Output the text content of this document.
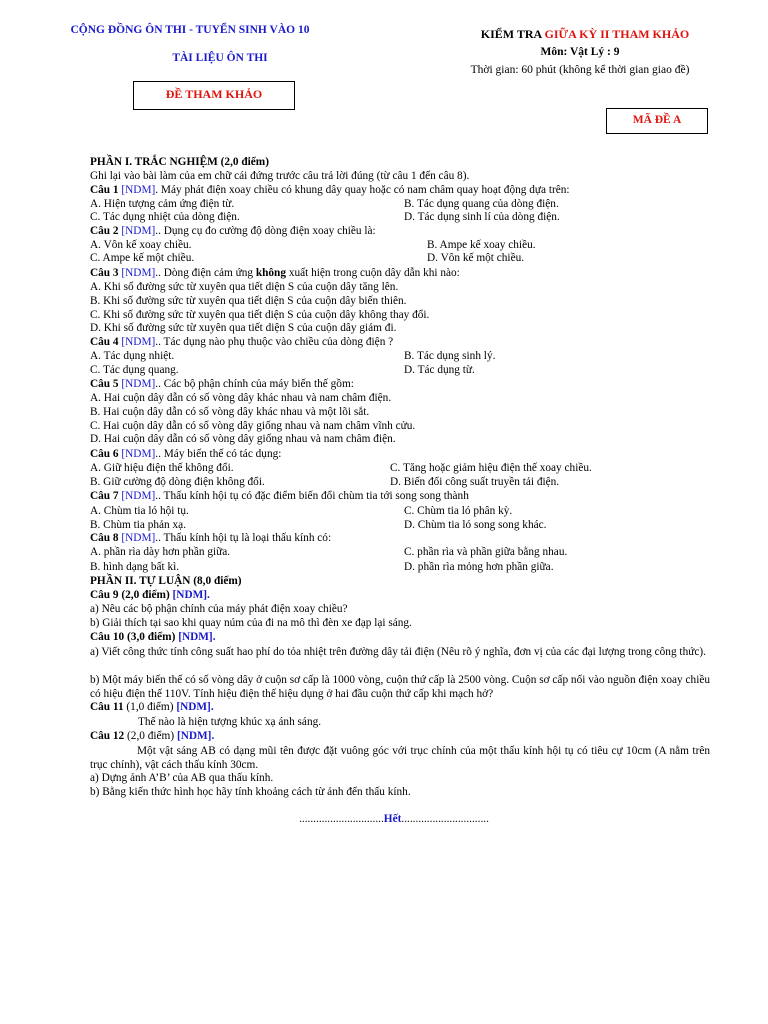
CỘNG ĐỒNG ÔN THI - TUYỂN SINH VÀO 10
TÀI LIỆU ÔN THI
ĐỀ THAM KHẢO
KIỂM TRA GIỮA KỲ II THAM KHẢO
Môn: Vật Lý : 9
Thời gian: 60 phút (không kể thời gian giao đề)
MÃ ĐỀ A
PHẦN I. TRẮC NGHIỆM (2,0 điểm)
Ghi lại vào bài làm của em chữ cái đứng trước câu trả lời đúng (từ câu 1 đến câu 8).
Câu 1 [NDM]. Máy phát điện xoay chiều có khung dây quay hoặc có nam châm quay hoạt động dựa trên:
A. Hiện tượng cảm ứng điện từ.	B. Tác dụng quang của dòng điện.
C. Tác dụng nhiệt của dòng điện.	D. Tác dụng sinh lí của dòng điện.
Câu 2 [NDM].. Dụng cụ đo cường độ dòng điện xoay chiều là:
A. Vôn kế xoay chiều.	B. Ampe kế xoay chiều.
C. Ampe kế một chiều.	D. Vôn kế một chiều.
Câu 3 [NDM].. Dòng điện cảm ứng không xuất hiện trong cuộn dây dẫn khi nào:
A. Khi số đường sức từ xuyên qua tiết diện S của cuộn dây tăng lên.
B. Khi số đường sức từ xuyên qua tiết diện S của cuộn dây biến thiên.
C. Khi số đường sức từ xuyên qua tiết diện S của cuộn dây không thay đổi.
D. Khi số đường sức từ xuyên qua tiết diện S của cuộn dây giảm đi.
Câu 4 [NDM].. Tác dụng nào phụ thuộc vào chiều của dòng điện ?
A. Tác dụng nhiệt.	B. Tác dụng sinh lý.
C. Tác dụng quang.	D. Tác dụng từ.
Câu 5 [NDM].. Các bộ phận chính của máy biến thế gồm:
A. Hai cuộn dây dẫn có số vòng dây khác nhau và nam châm điện.
B. Hai cuộn dây dẫn có số vòng dây khác nhau và một lõi sắt.
C. Hai cuộn dây dẫn có số vòng dây giống nhau và nam châm vĩnh cửu.
D. Hai cuộn dây dẫn có số vòng dây giống nhau và nam châm điện.
Câu 6 [NDM].. Máy biến thế có tác dụng:
A. Giữ hiệu điện thế không đổi.	C. Tăng hoặc giảm hiệu điện thế xoay chiều.
B. Giữ cường độ dòng điện không đổi.	D. Biến đổi công suất truyền tải điện.
Câu 7 [NDM].. Thấu kính hội tụ có đặc điểm biến đổi chùm tia tới song song thành
A. Chùm tia ló hội tụ.	C. Chùm tia ló phân kỳ.
B. Chùm tia phản xạ.	D. Chùm tia ló song song khác.
Câu 8 [NDM].. Thấu kính hội tụ là loại thấu kính có:
A. phần rìa dày hơn phần giữa.	C. phần rìa và phần giữa bằng nhau.
B. hình dạng bất kì.	D. phần rìa mỏng hơn phần giữa.
PHẦN II. TỰ LUẬN (8,0 điểm)
Câu 9 (2,0 điểm) [NDM].
a) Nêu các bộ phận chính của máy phát điện xoay chiều?
b) Giải thích tại sao khi quay núm của đi na mô thì đèn xe đạp lại sáng.
Câu 10 (3,0 điểm) [NDM].
a) Viết công thức tính công suất hao phí do tỏa nhiệt trên đường dây tải điện (Nêu rõ ý nghĩa, đơn vị của các đại lượng trong công thức).
b) Một máy biến thế có số vòng dây ở cuộn sơ cấp là 1000 vòng, cuộn thứ cấp là 2500 vòng. Cuộn sơ cấp nối vào nguồn điện xoay chiều có hiệu điện thế 110V. Tính hiệu điện thế hiệu dụng ở hai đầu cuộn thứ cấp khi mạch hở?
Câu 11 (1,0 điểm) [NDM].
Thế nào là hiện tượng khúc xạ ánh sáng.
Câu 12 (2,0 điểm) [NDM].
Một vật sáng AB có dạng mũi tên được đặt vuông góc với trục chính của một thấu kính hội tụ có tiêu cự 10cm (A nằm trên trục chính), vật cách thấu kính 30cm.
a) Dựng ảnh A’B’ của AB qua thấu kính.
b) Bằng kiến thức hình học hãy tính khoảng cách từ ảnh đến thấu kính.
..............................Hết...............................
